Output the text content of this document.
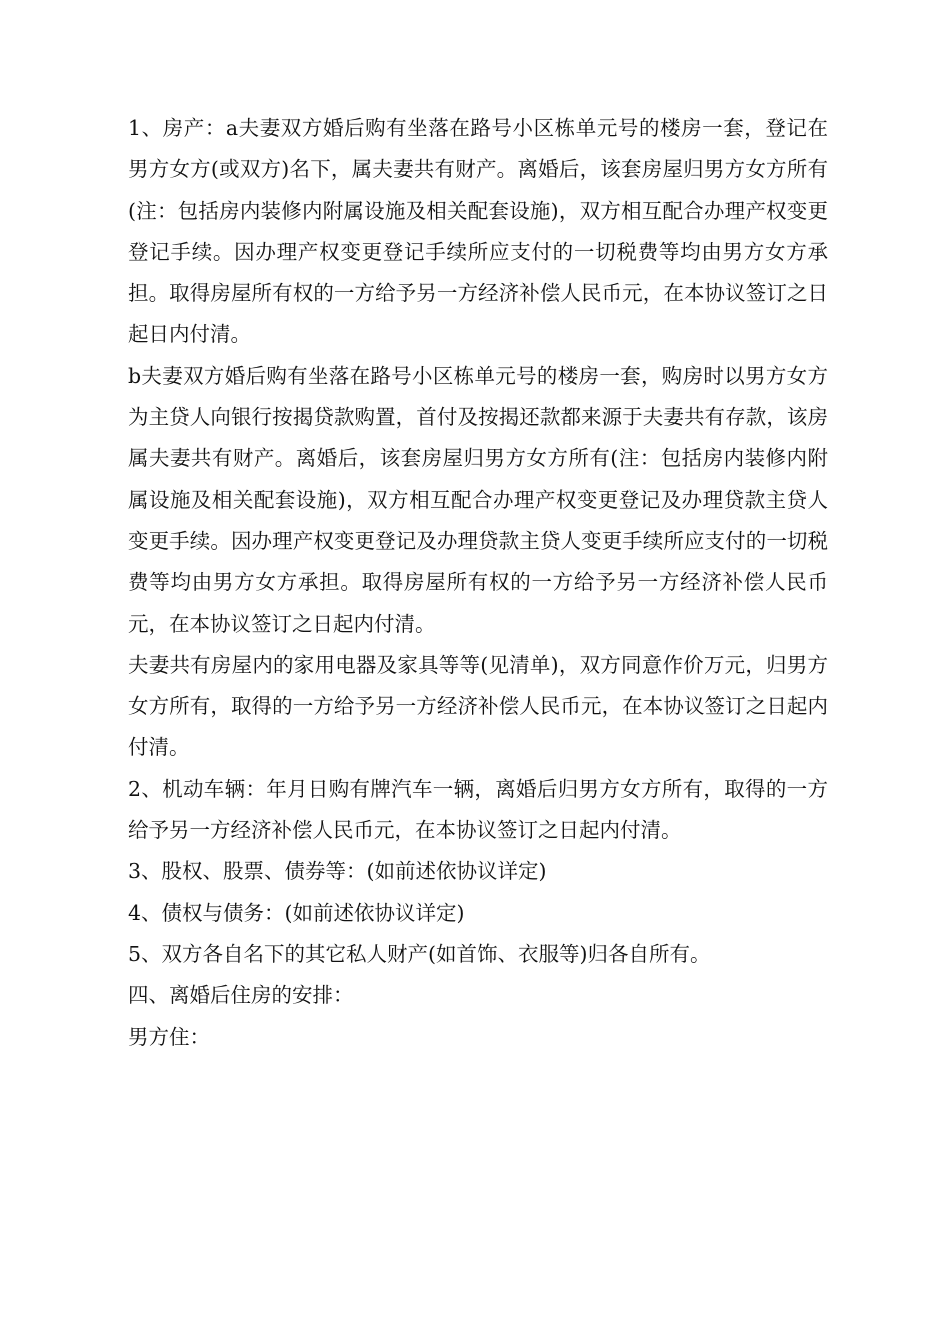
1、房产：a夫妻双方婚后购有坐落在路号小区栋单元号的楼房一套，登记在男方女方(或双方)名下，属夫妻共有财产。离婚后，该套房屋归男方女方所有(注：包括房内装修内附属设施及相关配套设施)，双方相互配合办理产权变更登记手续。因办理产权变更登记手续所应支付的一切税费等均由男方女方承担。取得房屋所有权的一方给予另一方经济补偿人民币元，在本协议签订之日起日内付清。

b夫妻双方婚后购有坐落在路号小区栋单元号的楼房一套，购房时以男方女方为主贷人向银行按揭贷款购置，首付及按揭还款都来源于夫妻共有存款，该房属夫妻共有财产。离婚后，该套房屋归男方女方所有(注：包括房内装修内附属设施及相关配套设施)，双方相互配合办理产权变更登记及办理贷款主贷人变更手续。因办理产权变更登记及办理贷款主贷人变更手续所应支付的一切税费等均由男方女方承担。取得房屋所有权的一方给予另一方经济补偿人民币元，在本协议签订之日起内付清。

夫妻共有房屋内的家用电器及家具等等(见清单)，双方同意作价万元，归男方女方所有，取得的一方给予另一方经济补偿人民币元，在本协议签订之日起内付清。

2、机动车辆：年月日购有牌汽车一辆，离婚后归男方女方所有，取得的一方给予另一方经济补偿人民币元，在本协议签订之日起内付清。

3、股权、股票、债券等：(如前述依协议详定)

4、债权与债务：(如前述依协议详定)

5、双方各自名下的其它私人财产(如首饰、衣服等)归各自所有。

四、离婚后住房的安排：

男方住：
